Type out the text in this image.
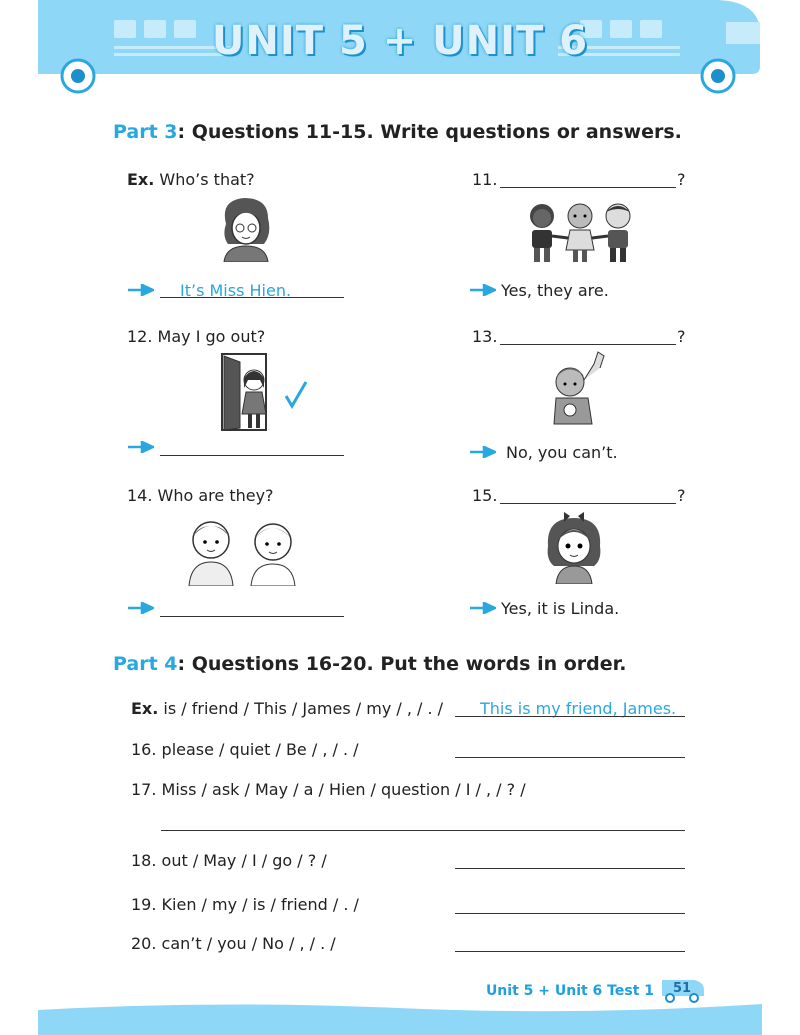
UNIT 5 + UNIT 6
Part 3: Questions 11-15. Write questions or answers.
Ex. Who’s that?
It’s Miss Hien.
11.	?
Yes, they are.
12. May I go out?	13.	?
No, you can’t.
14. Who are they?	15.	?
Yes, it is Linda.
Part 4: Questions 16-20. Put the words in order.
Ex. is / friend / This / James / my / , / . / This is my friend, James.
16. please / quiet / Be / , / . /
17. Miss / ask / May / a / Hien / question / I / , / ? /
18. out / May / I / go / ? /
19. Kien / my / is / friend / . /
20. can’t / you / No / , / . /
Unit 5 + Unit 6 Test 1	51
